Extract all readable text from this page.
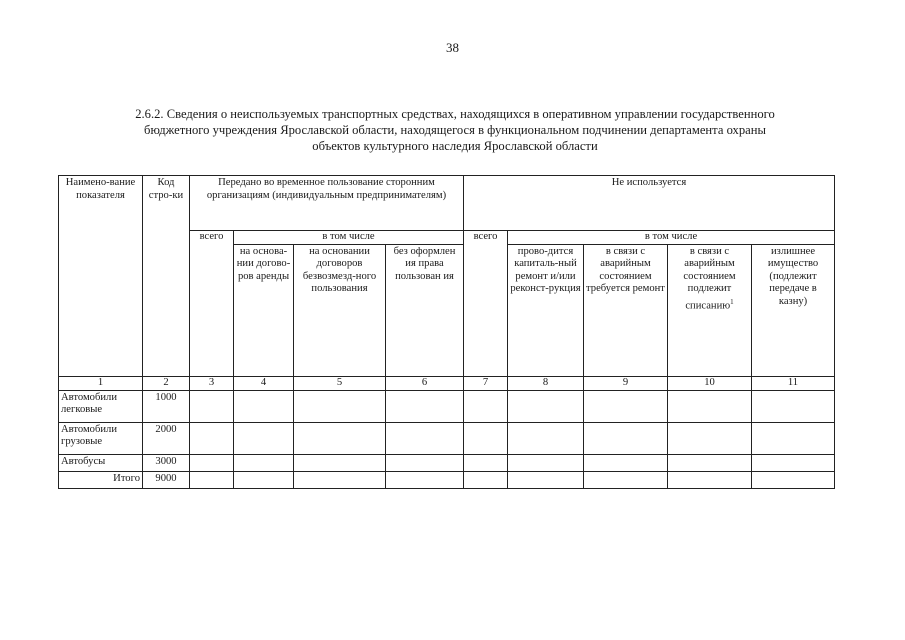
38
2.6.2. Сведения о неиспользуемых транспортных средствах, находящихся в оперативном управлении государственного
бюджетного учреждения Ярославской области, находящегося в функциональном подчинении департамента охраны
объектов культурного наследия Ярославской области
Наимено-вание показателя	Код стро-ки	Передано во временное пользование сторонним организациям (индивидуальным предпринимателям)				Не используется				
		всего	в том числе			всего	в том числе			
			на основа-нии догово-ров аренды	на основании договоров безвозмезд-ного пользования	без оформлен ия права пользован ия		прово-дится капиталь-ный ремонт и/или реконст-рукция	в связи с аварийным состоянием требуется ремонт	в связи с аварийным состоянием подлежит списанию$^1$	излишнее имущество (подлежит передаче в казну)
1	2	3	4	5	6	7	8	9	10	11
Автомобили легковые	1000									
Автомобили грузовые	2000									
Автобусы	3000									
Итого	9000									
